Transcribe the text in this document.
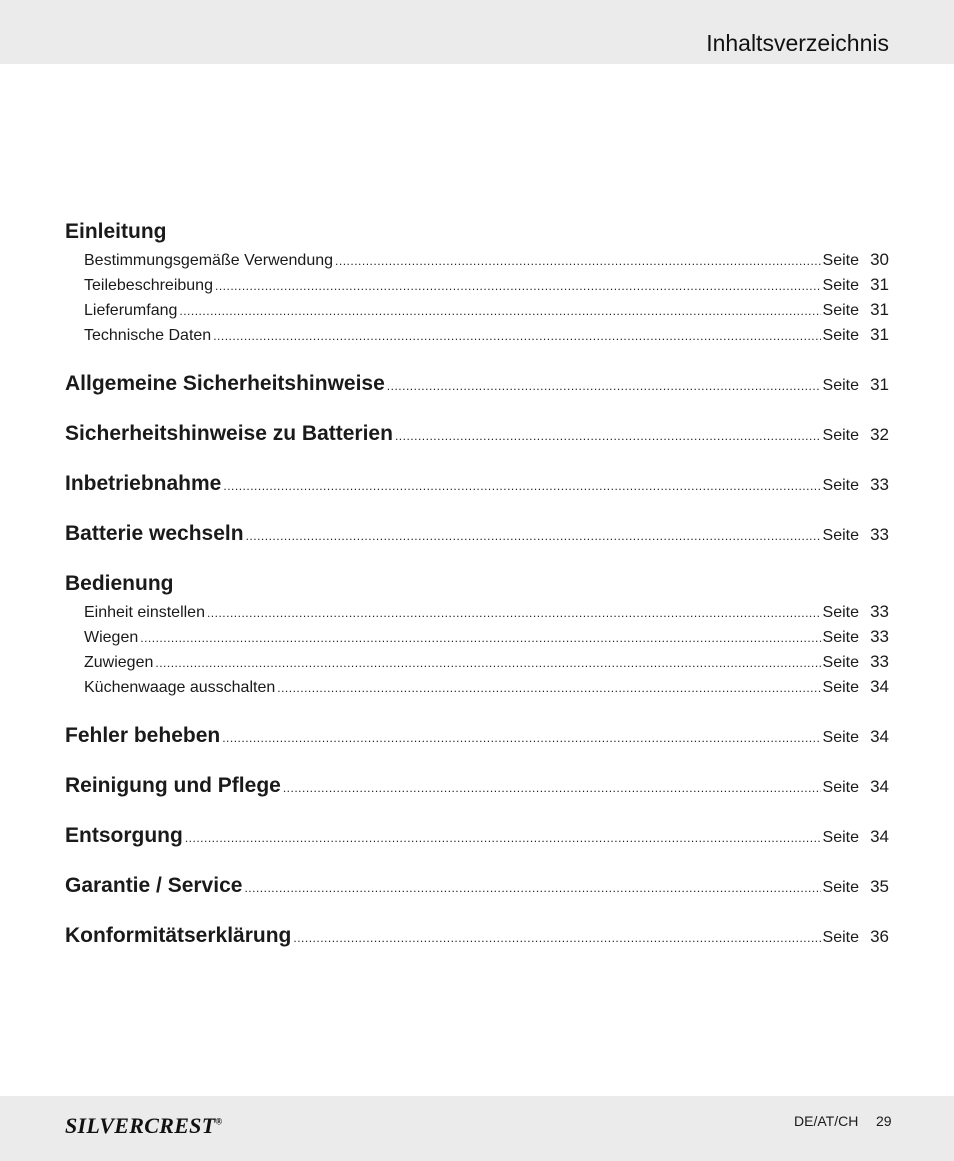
Inhaltsverzeichnis
Einleitung
Bestimmungsgemäße Verwendung .....	Seite 30
Teilebeschreibung .....	Seite 31
Lieferumfang .....	Seite 31
Technische Daten .....	Seite 31
Allgemeine Sicherheitshinweise .....	Seite 31
Sicherheitshinweise zu Batterien .....	Seite 32
Inbetriebnahme .....	Seite 33
Batterie wechseln .....	Seite 33
Bedienung
Einheit einstellen .....	Seite 33
Wiegen .....	Seite 33
Zuwiegen .....	Seite 33
Küchenwaage ausschalten .....	Seite 34
Fehler beheben .....	Seite 34
Reinigung und Pflege .....	Seite 34
Entsorgung .....	Seite 34
Garantie / Service .....	Seite 35
Konformitätserklärung .....	Seite 36
SILVERCREST®	DE/AT/CH 29
